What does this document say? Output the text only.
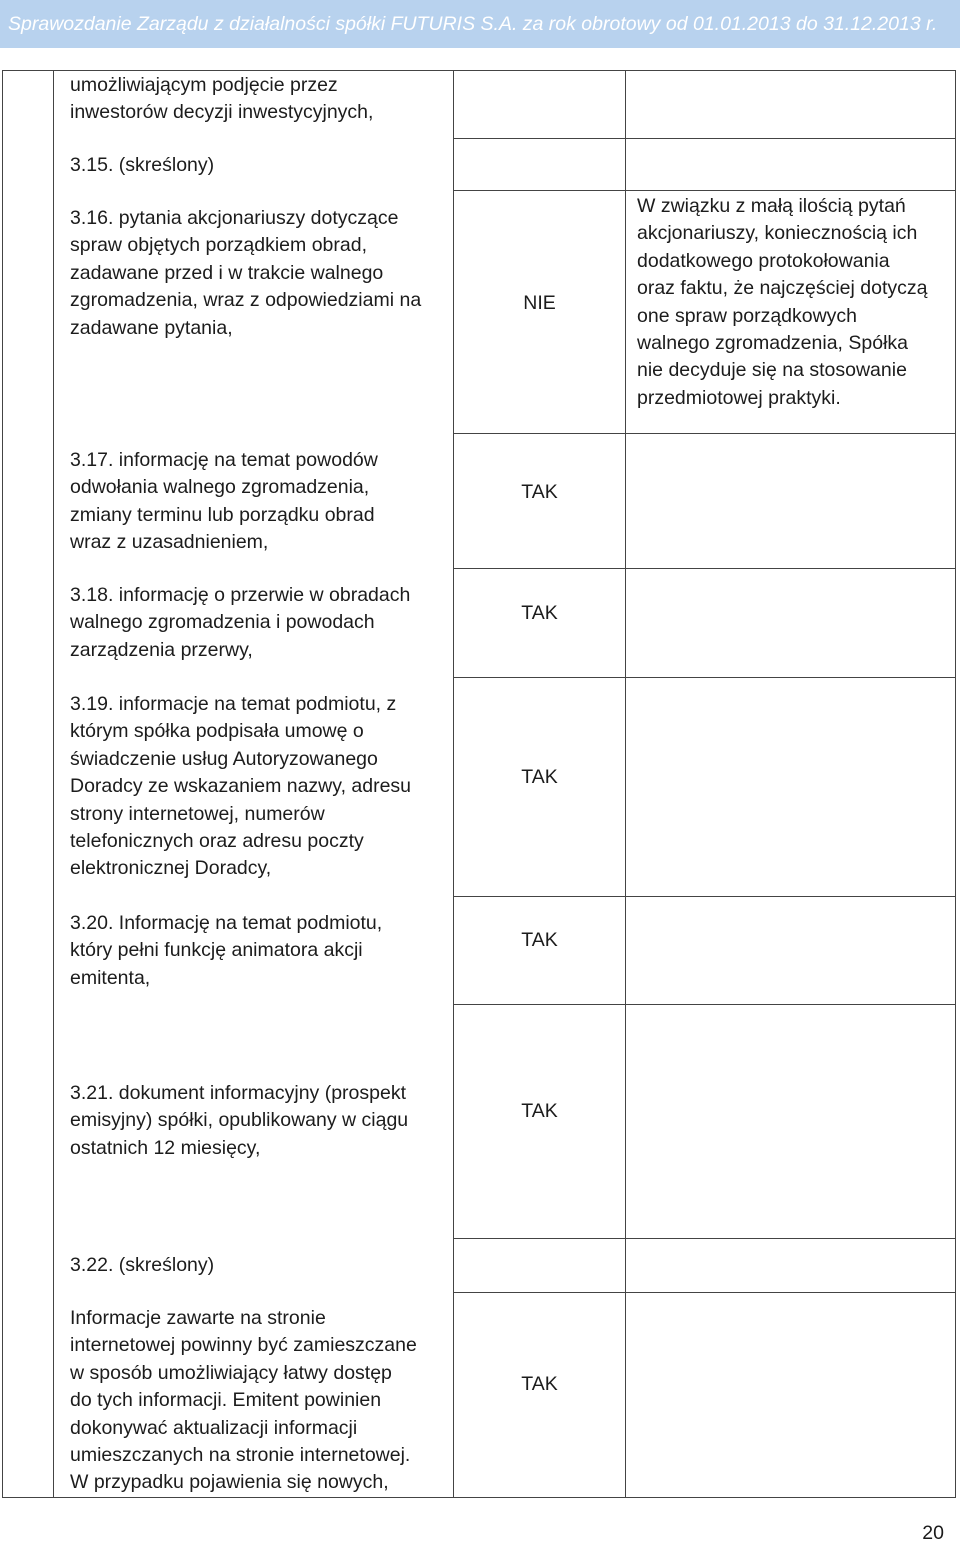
Sprawozdanie Zarządu z działalności spółki FUTURIS S.A. za rok obrotowy od 01.01.2013 do 31.12.2013 r.
umożliwiającym podjęcie przez
inwestorów decyzji inwestycyjnych,
3.15. (skreślony)
3.16. pytania akcjonariuszy dotyczące
spraw objętych porządkiem obrad,
zadawane przed i w trakcie walnego
zgromadzenia, wraz z odpowiedziami na
zadawane pytania,
NIE
W związku z małą ilością pytań
akcjonariuszy, koniecznością ich
dodatkowego protokołowania
oraz faktu, że najczęściej dotyczą
one spraw porządkowych
walnego zgromadzenia, Spółka
nie decyduje się na stosowanie
przedmiotowej praktyki.
3.17. informację na temat powodów
odwołania walnego zgromadzenia,
zmiany terminu lub porządku obrad
wraz z uzasadnieniem,
TAK
3.18. informację o przerwie w obradach
walnego zgromadzenia i powodach
zarządzenia przerwy,
TAK
3.19. informacje na temat podmiotu, z
którym spółka podpisała umowę o
świadczenie usług Autoryzowanego
Doradcy ze wskazaniem nazwy, adresu
strony internetowej, numerów
telefonicznych oraz adresu poczty
elektronicznej Doradcy,
TAK
3.20. Informację na temat podmiotu,
który pełni funkcję animatora akcji
emitenta,
TAK
3.21. dokument informacyjny (prospekt
emisyjny) spółki, opublikowany w ciągu
ostatnich 12 miesięcy,
TAK
3.22. (skreślony)
Informacje zawarte na stronie
internetowej powinny być zamieszczane
w sposób umożliwiający łatwy dostęp
do tych informacji. Emitent powinien
dokonywać aktualizacji informacji
umieszczanych na stronie internetowej.
W przypadku pojawienia się nowych,
TAK
20
